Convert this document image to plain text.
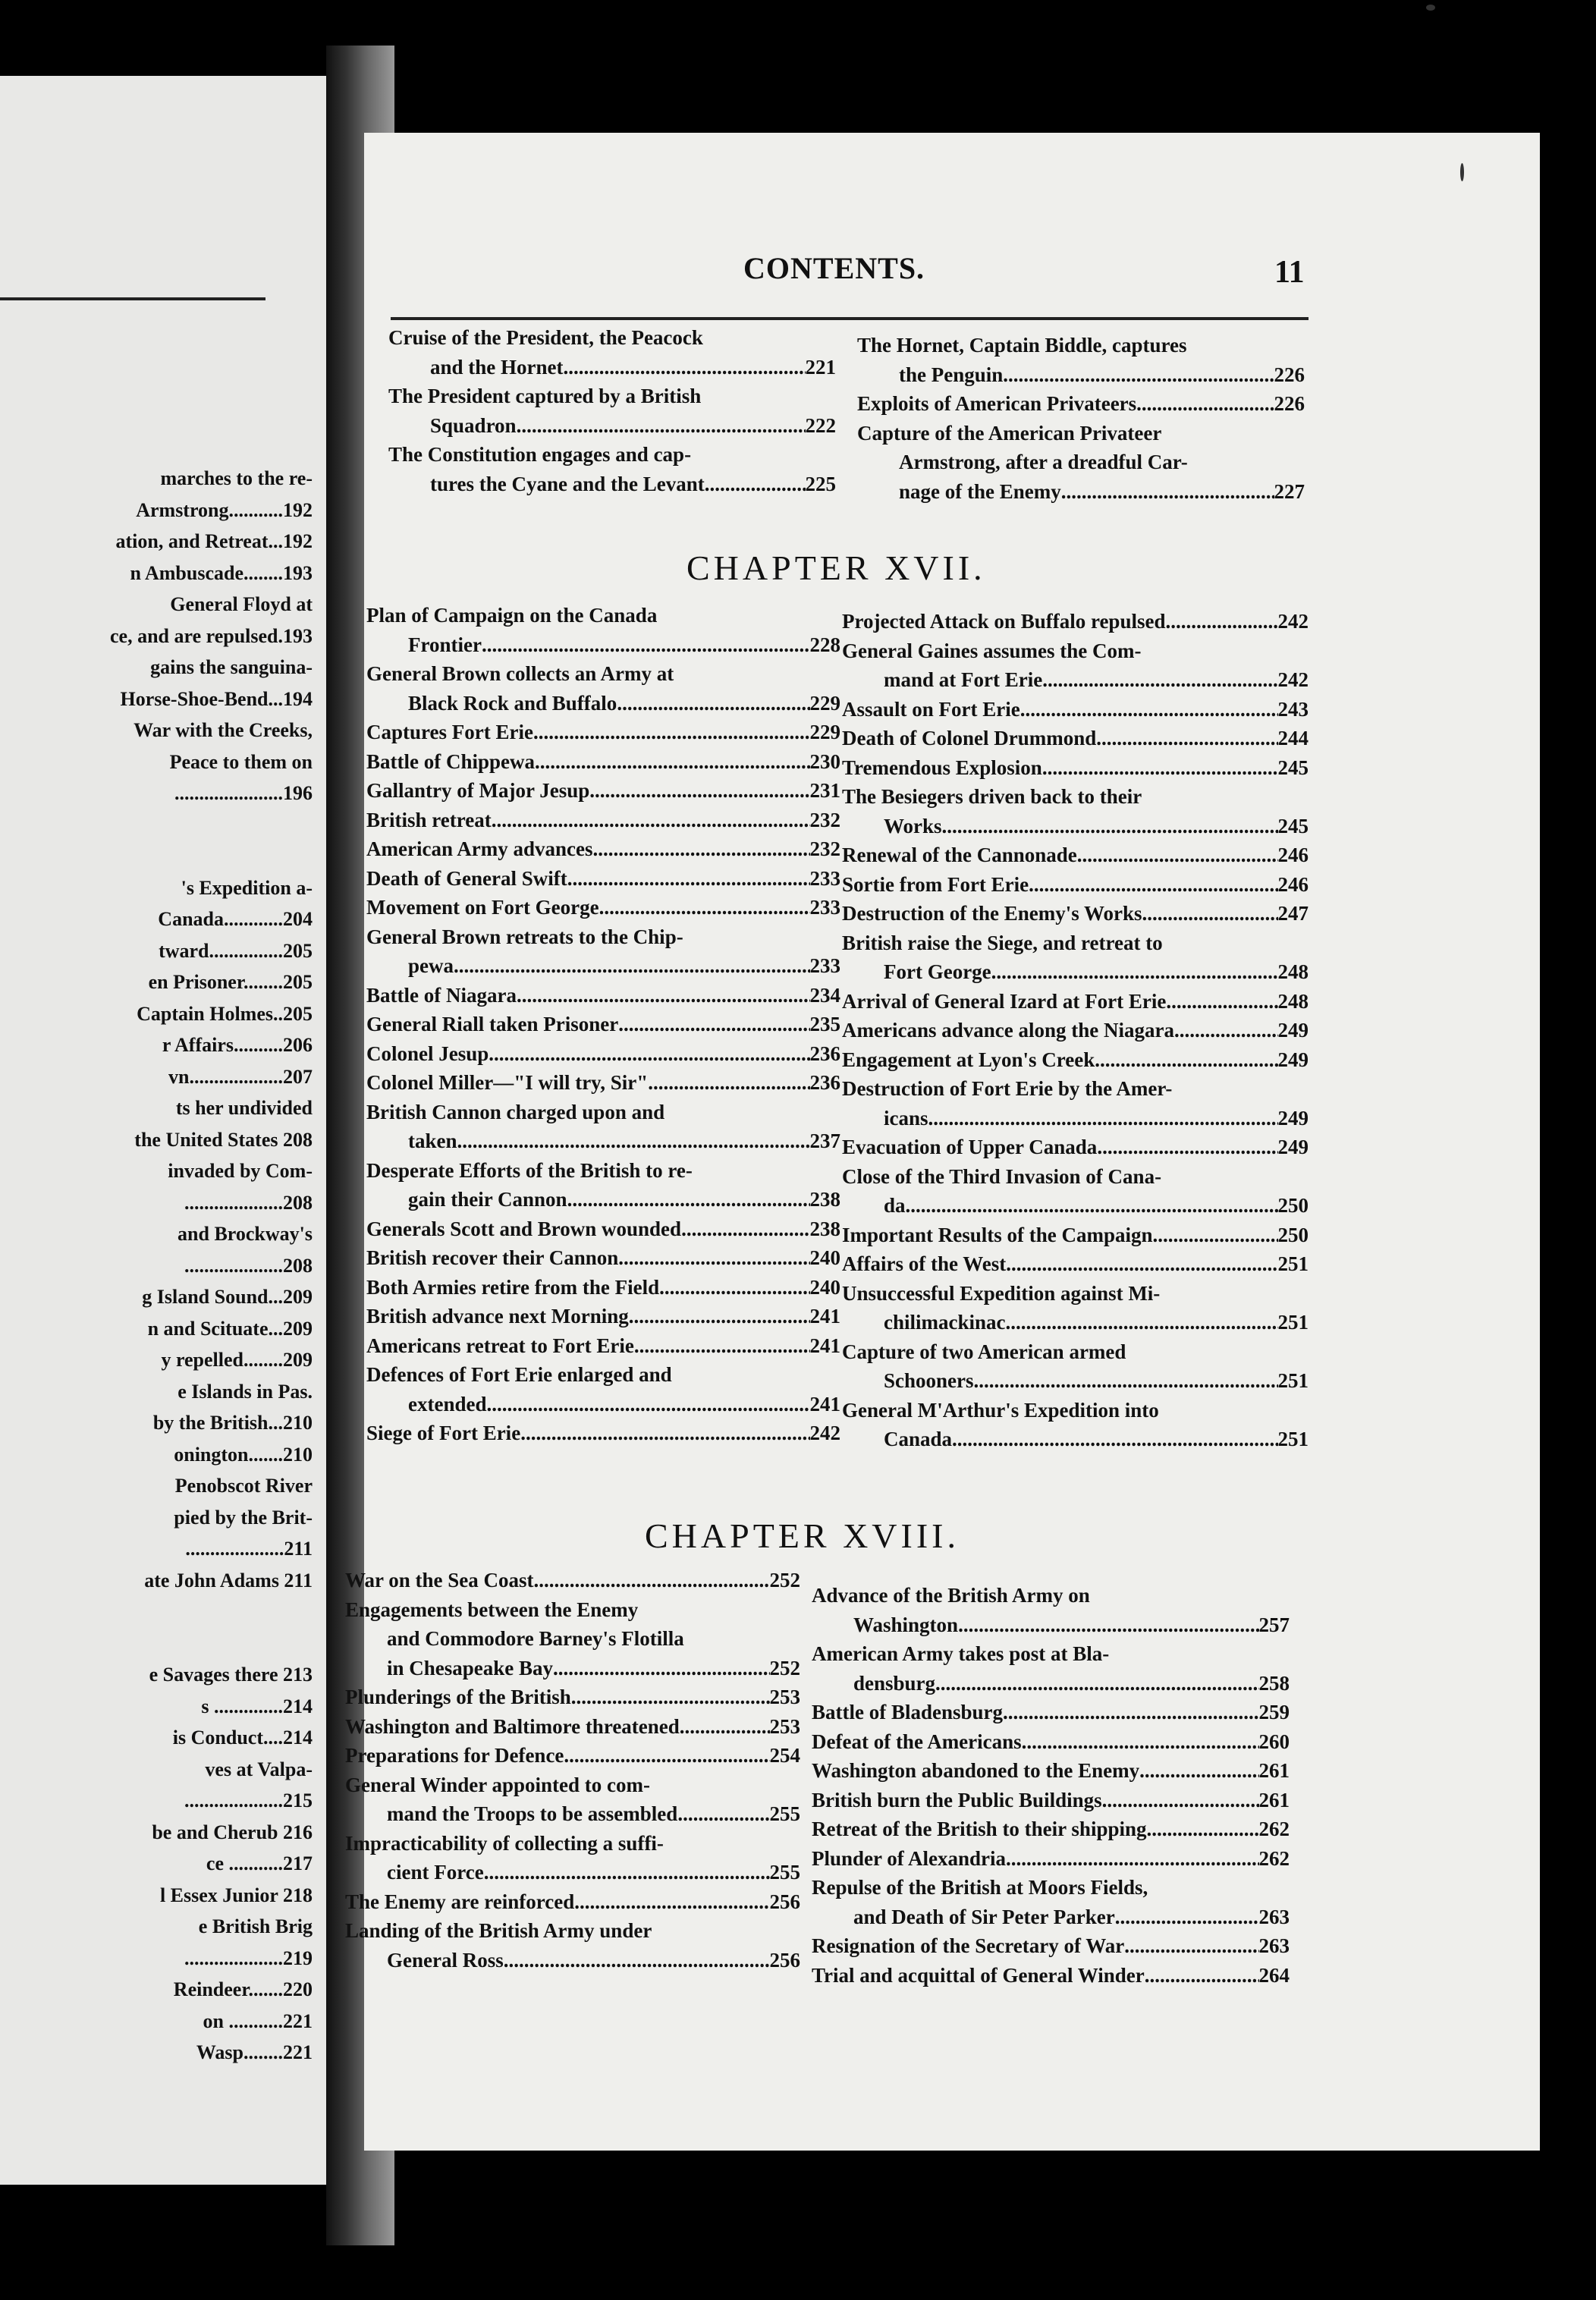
marches to the re-
Armstrong...........192
ation, and Retreat...192
n Ambuscade........193
General Floyd at
ce, and are repulsed.193
gains the sanguina-
Horse-Shoe-Bend...194
War with the Creeks,
Peace to them on
......................196
's Expedition a-
Canada............204
tward...............205
en Prisoner........205
Captain Holmes..205
r Affairs..........206
vn...................207
ts her undivided
the United States 208
invaded by Com-
....................208
and Brockway's
....................208
g Island Sound...209
n and Scituate...209
y repelled........209
e Islands in Pas.
by the British...210
onington.......210
Penobscot River
pied by the Brit-
....................211
ate John Adams 211
e Savages there 213
s ..............214
is Conduct....214
ves at Valpa-
....................215
be and Cherub 216
ce ...........217
l Essex Junior 218
e British Brig
....................219
Reindeer.......220
on ...........221
Wasp........221
CONTENTS.	11
Cruise of the President, the Peacock
and the Hornet .....	221
The President captured by a British
Squadron .....	222
The Constitution engages and cap-
tures the Cyane and the Levant .....	225
The Hornet, Captain Biddle, captures
the Penguin .....	226
Exploits of American Privateers .....	226
Capture of the American Privateer
Armstrong, after a dreadful Car-
nage of the Enemy .....	227
CHAPTER XVII.
Plan of Campaign on the Canada
Frontier .....	228
General Brown collects an Army at
Black Rock and Buffalo .....	229
Captures Fort Erie .....	229
Battle of Chippewa .....	230
Gallantry of Major Jesup .....	231
British retreat .....	232
American Army advances .....	232
Death of General Swift .....	233
Movement on Fort George .....	233
General Brown retreats to the Chip-
pewa .....	233
Battle of Niagara .....	234
General Riall taken Prisoner .....	235
Colonel Jesup .....	236
Colonel Miller—"I will try, Sir" .....	236
British Cannon charged upon and
taken .....	237
Desperate Efforts of the British to re-
gain their Cannon .....	238
Generals Scott and Brown wounded .....	238
British recover their Cannon .....	240
Both Armies retire from the Field .....	240
British advance next Morning .....	241
Americans retreat to Fort Erie .....	241
Defences of Fort Erie enlarged and
extended .....	241
Siege of Fort Erie .....	242
Projected Attack on Buffalo repulsed .....	242
General Gaines assumes the Com-
mand at Fort Erie .....	242
Assault on Fort Erie .....	243
Death of Colonel Drummond .....	244
Tremendous Explosion .....	245
The Besiegers driven back to their
Works .....	245
Renewal of the Cannonade .....	246
Sortie from Fort Erie .....	246
Destruction of the Enemy's Works .....	247
British raise the Siege, and retreat to
Fort George .....	248
Arrival of General Izard at Fort Erie .....	248
Americans advance along the Niagara .....	249
Engagement at Lyon's Creek .....	249
Destruction of Fort Erie by the Amer-
icans .....	249
Evacuation of Upper Canada .....	249
Close of the Third Invasion of Cana-
da .....	250
Important Results of the Campaign .....	250
Affairs of the West .....	251
Unsuccessful Expedition against Mi-
chilimackinac .....	251
Capture of two American armed
Schooners .....	251
General M'Arthur's Expedition into
Canada .....	251
CHAPTER XVIII.
War on the Sea Coast .....	252
Engagements between the Enemy
and Commodore Barney's Flotilla
in Chesapeake Bay .....	252
Plunderings of the British .....	253
Washington and Baltimore threatened .....	253
Preparations for Defence .....	254
General Winder appointed to com-
mand the Troops to be assembled .....	255
Impracticability of collecting a suffi-
cient Force .....	255
The Enemy are reinforced .....	256
Landing of the British Army under
General Ross .....	256
Advance of the British Army on
Washington .....	257
American Army takes post at Bla-
densburg .....	258
Battle of Bladensburg .....	259
Defeat of the Americans .....	260
Washington abandoned to the Enemy .....	261
British burn the Public Buildings .....	261
Retreat of the British to their shipping .....	262
Plunder of Alexandria .....	262
Repulse of the British at Moors Fields,
and Death of Sir Peter Parker .....	263
Resignation of the Secretary of War .....	263
Trial and acquittal of General Winder .....	264
